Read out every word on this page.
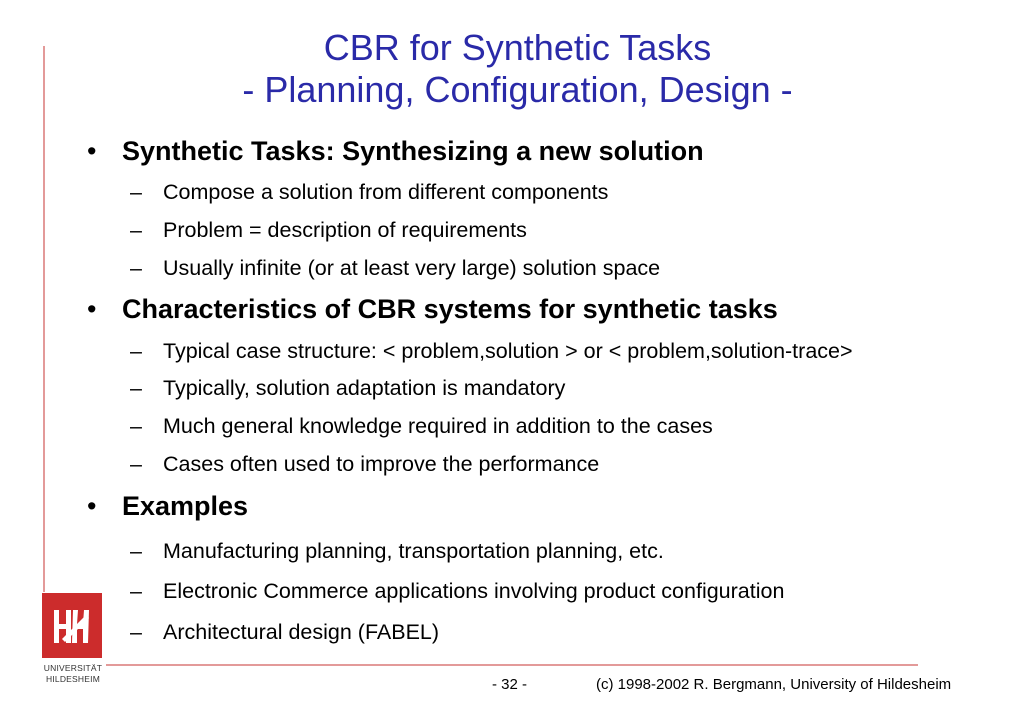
CBR for Synthetic Tasks
- Planning, Configuration, Design -
• Synthetic Tasks: Synthesizing a new solution
– Compose a solution from different components
– Problem = description of requirements
– Usually infinite (or at least very large) solution space
• Characteristics of CBR systems for synthetic tasks
– Typical case structure: < problem,solution > or < problem,solution-trace>
– Typically, solution adaptation is mandatory
– Much general knowledge required in addition to the cases
– Cases often used to improve the performance
• Examples
– Manufacturing planning, transportation planning, etc.
– Electronic Commerce applications involving product configuration
– Architectural design (FABEL)
UNIVERSITÄT
HILDESHEIM	- 32 -	(c) 1998-2002 R. Bergmann, University of Hildesheim
